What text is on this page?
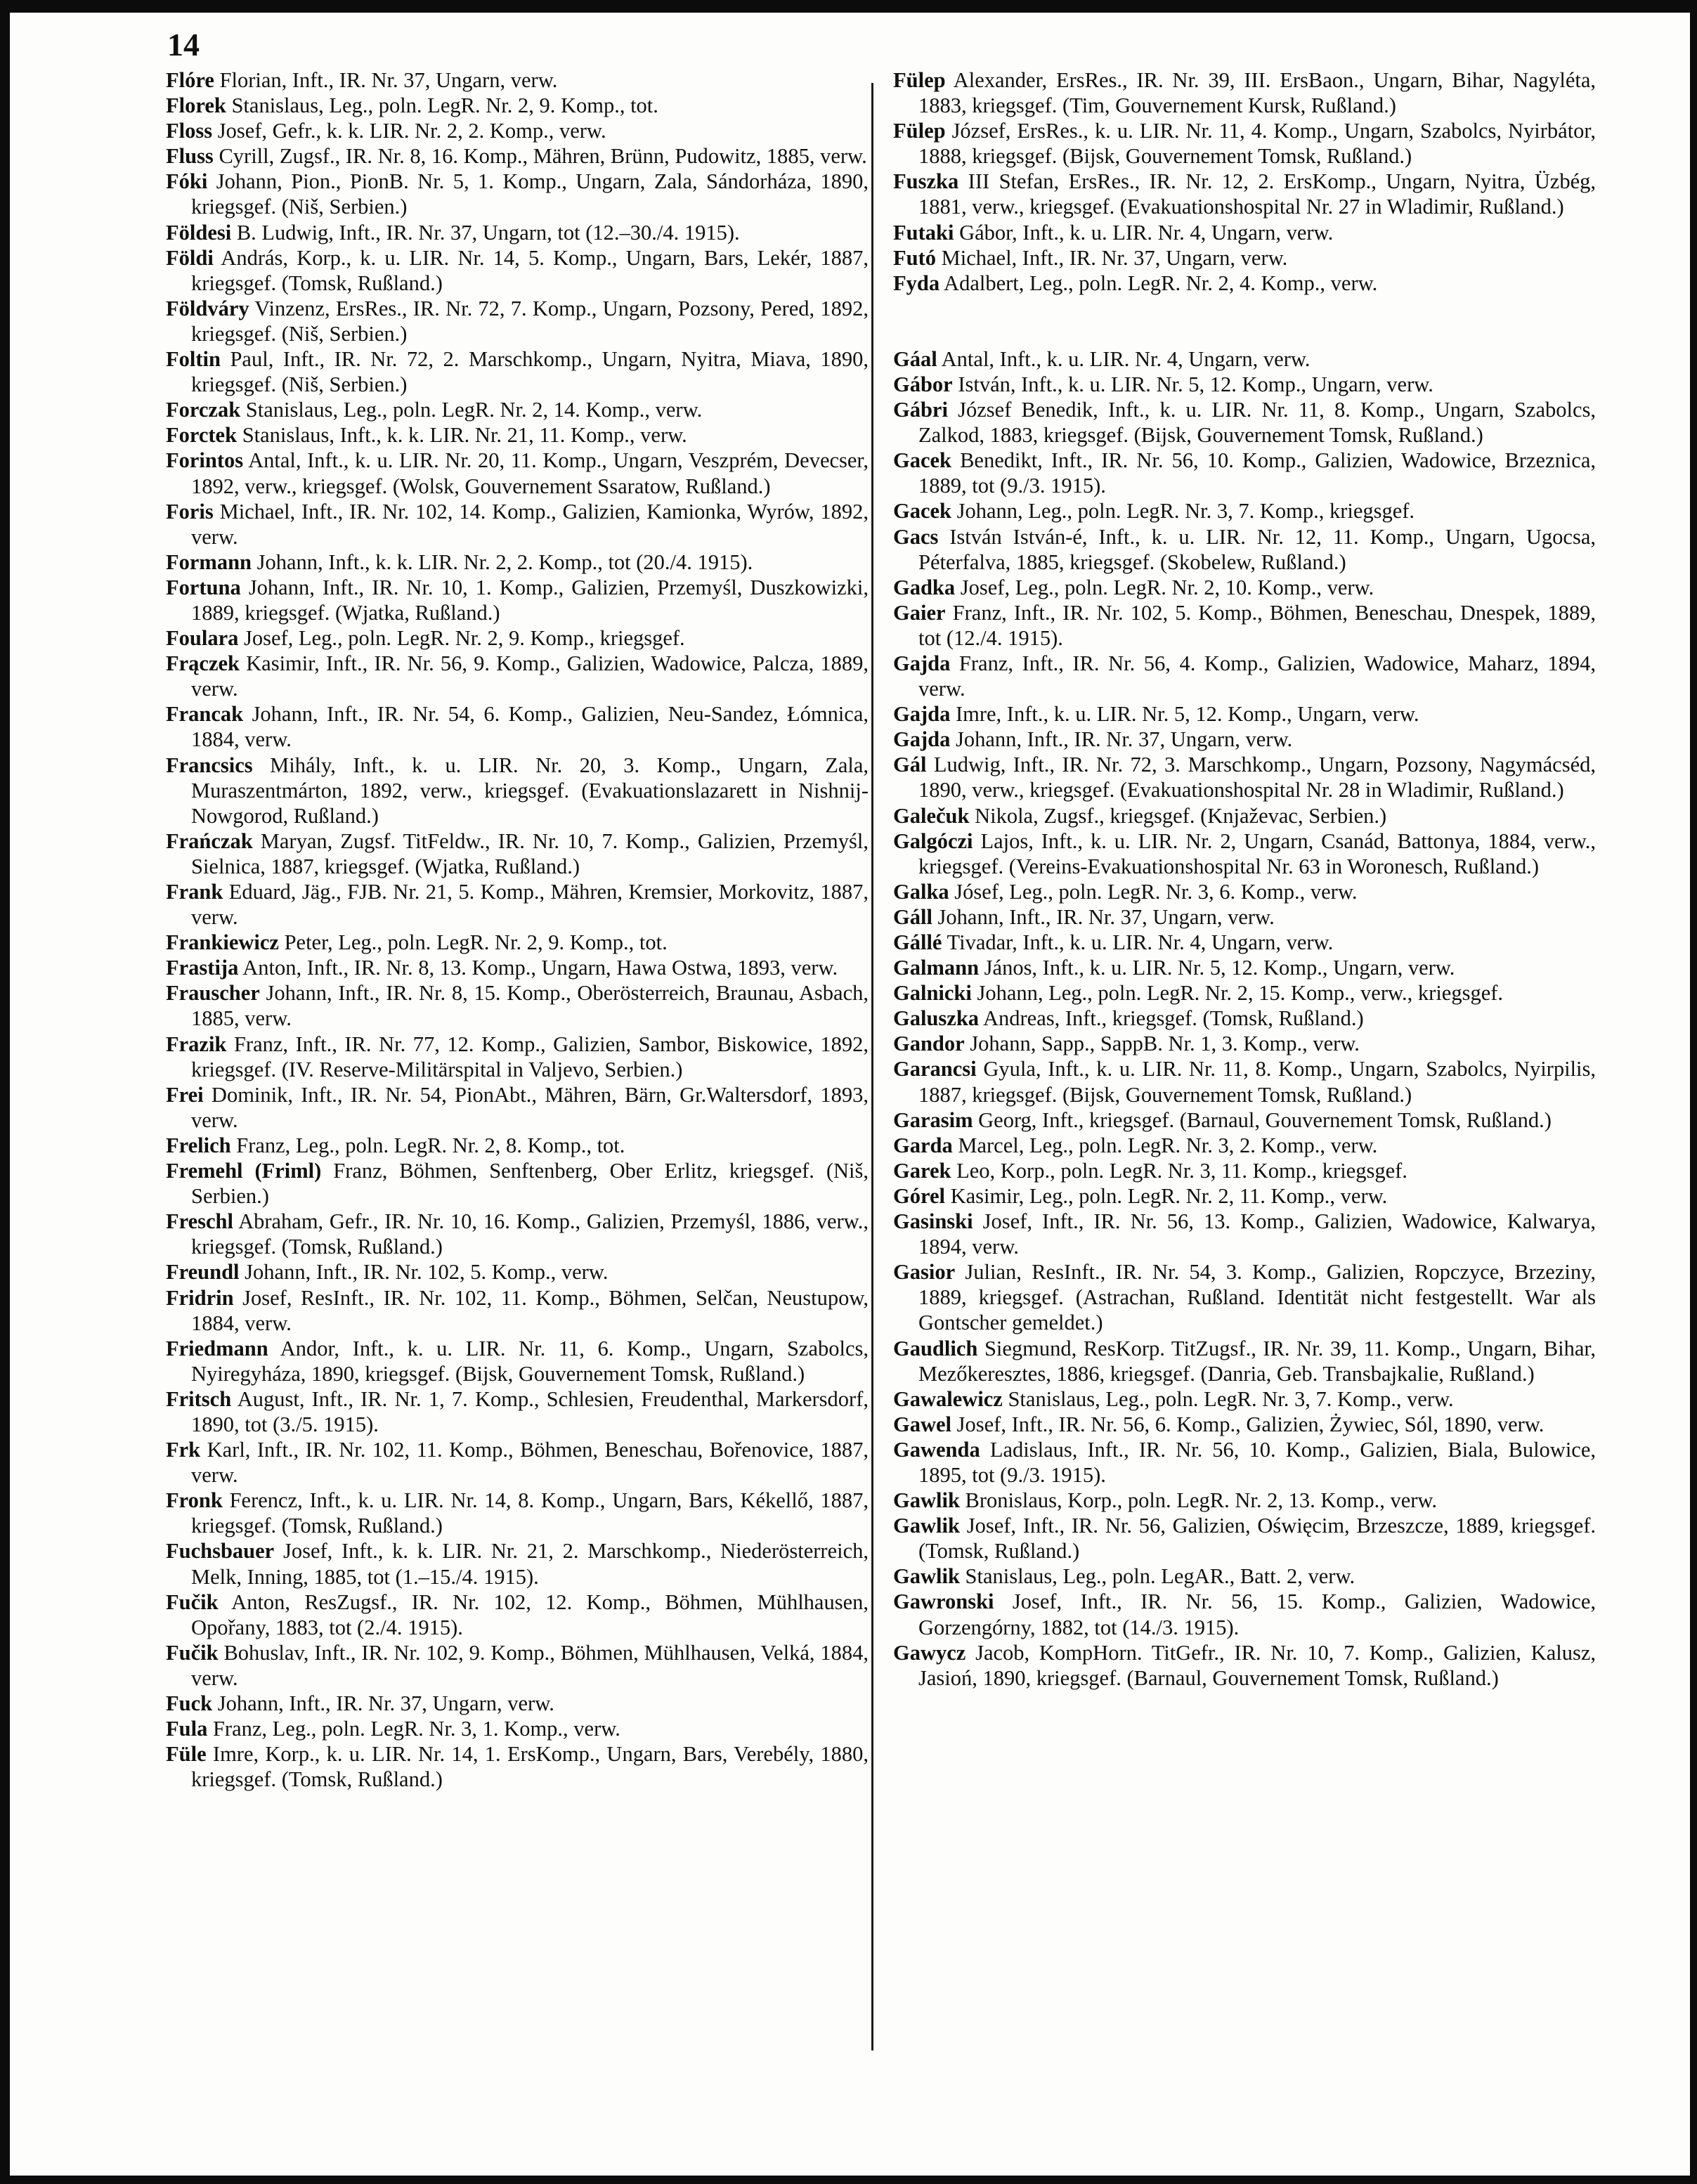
14

Flóre Florian, Inft., IR. Nr. 37, Ungarn, verw.

Florek Stanislaus, Leg., poln. LegR. Nr. 2, 9. Komp., tot.

Floss Josef, Gefr., k. k. LIR. Nr. 2, 2. Komp., verw.

Fluss Cyrill, Zugsf., IR. Nr. 8, 16. Komp., Mähren, Brünn, Pudowitz, 1885, verw.

Fóki Johann, Pion., PionB. Nr. 5, 1. Komp., Ungarn, Zala, Sándorháza, 1890, kriegsgef. (Niš, Serbien.)

Földesi B. Ludwig, Inft., IR. Nr. 37, Ungarn, tot (12.–30./4. 1915).

Földi András, Korp., k. u. LIR. Nr. 14, 5. Komp., Ungarn, Bars, Lekér, 1887, kriegsgef. (Tomsk, Rußland.)

Földváry Vinzenz, ErsRes., IR. Nr. 72, 7. Komp., Ungarn, Pozsony, Pered, 1892, kriegsgef. (Niš, Serbien.)

Foltin Paul, Inft., IR. Nr. 72, 2. Marschkomp., Ungarn, Nyitra, Miava, 1890, kriegsgef. (Niš, Serbien.)

Forczak Stanislaus, Leg., poln. LegR. Nr. 2, 14. Komp., verw.

Forctek Stanislaus, Inft., k. k. LIR. Nr. 21, 11. Komp., verw.

Forintos Antal, Inft., k. u. LIR. Nr. 20, 11. Komp., Ungarn, Veszprém, Devecser, 1892, verw., kriegsgef. (Wolsk, Gouvernement Ssaratow, Rußland.)

Foris Michael, Inft., IR. Nr. 102, 14. Komp., Galizien, Kamionka, Wyrów, 1892, verw.

Formann Johann, Inft., k. k. LIR. Nr. 2, 2. Komp., tot (20./4. 1915).

Fortuna Johann, Inft., IR. Nr. 10, 1. Komp., Galizien, Przemyśl, Duszkowizki, 1889, kriegsgef. (Wjatka, Rußland.)

Foulara Josef, Leg., poln. LegR. Nr. 2, 9. Komp., kriegsgef.

Frączek Kasimir, Inft., IR. Nr. 56, 9. Komp., Galizien, Wadowice, Palcza, 1889, verw.

Francak Johann, Inft., IR. Nr. 54, 6. Komp., Galizien, Neu-Sandez, Łómnica, 1884, verw.

Francsics Mihály, Inft., k. u. LIR. Nr. 20, 3. Komp., Ungarn, Zala, Muraszentmárton, 1892, verw., kriegsgef. (Evakuationslazarett in Nishnij-Nowgorod, Rußland.)

Frańczak Maryan, Zugsf. TitFeldw., IR. Nr. 10, 7. Komp., Galizien, Przemyśl, Sielnica, 1887, kriegsgef. (Wjatka, Rußland.)

Frank Eduard, Jäg., FJB. Nr. 21, 5. Komp., Mähren, Kremsier, Morkovitz, 1887, verw.

Frankiewicz Peter, Leg., poln. LegR. Nr. 2, 9. Komp., tot.

Frastija Anton, Inft., IR. Nr. 8, 13. Komp., Ungarn, Hawa Ostwa, 1893, verw.

Frauscher Johann, Inft., IR. Nr. 8, 15. Komp., Oberösterreich, Braunau, Asbach, 1885, verw.

Frazik Franz, Inft., IR. Nr. 77, 12. Komp., Galizien, Sambor, Biskowice, 1892, kriegsgef. (IV. Reserve-Militärspital in Valjevo, Serbien.)

Frei Dominik, Inft., IR. Nr. 54, PionAbt., Mähren, Bärn, Gr.Waltersdorf, 1893, verw.

Frelich Franz, Leg., poln. LegR. Nr. 2, 8. Komp., tot.

Fremehl (Friml) Franz, Böhmen, Senftenberg, Ober Erlitz, kriegsgef. (Niš, Serbien.)

Freschl Abraham, Gefr., IR. Nr. 10, 16. Komp., Galizien, Przemyśl, 1886, verw., kriegsgef. (Tomsk, Rußland.)

Freundl Johann, Inft., IR. Nr. 102, 5. Komp., verw.

Fridrin Josef, ResInft., IR. Nr. 102, 11. Komp., Böhmen, Selčan, Neustupow, 1884, verw.

Friedmann Andor, Inft., k. u. LIR. Nr. 11, 6. Komp., Ungarn, Szabolcs, Nyiregyháza, 1890, kriegsgef. (Bijsk, Gouvernement Tomsk, Rußland.)

Fritsch August, Inft., IR. Nr. 1, 7. Komp., Schlesien, Freudenthal, Markersdorf, 1890, tot (3./5. 1915).

Frk Karl, Inft., IR. Nr. 102, 11. Komp., Böhmen, Beneschau, Bořenovice, 1887, verw.

Fronk Ferencz, Inft., k. u. LIR. Nr. 14, 8. Komp., Ungarn, Bars, Kékellő, 1887, kriegsgef. (Tomsk, Rußland.)

Fuchsbauer Josef, Inft., k. k. LIR. Nr. 21, 2. Marschkomp., Niederösterreich, Melk, Inning, 1885, tot (1.–15./4. 1915).

Fučik Anton, ResZugsf., IR. Nr. 102, 12. Komp., Böhmen, Mühlhausen, Opořany, 1883, tot (2./4. 1915).

Fučik Bohuslav, Inft., IR. Nr. 102, 9. Komp., Böhmen, Mühlhausen, Velká, 1884, verw.

Fuck Johann, Inft., IR. Nr. 37, Ungarn, verw.

Fula Franz, Leg., poln. LegR. Nr. 3, 1. Komp., verw.

Füle Imre, Korp., k. u. LIR. Nr. 14, 1. ErsKomp., Ungarn, Bars, Verebély, 1880, kriegsgef. (Tomsk, Rußland.)

Fülep Alexander, ErsRes., IR. Nr. 39, III. ErsBaon., Ungarn, Bihar, Nagyléta, 1883, kriegsgef. (Tim, Gouvernement Kursk, Rußland.)

Fülep József, ErsRes., k. u. LIR. Nr. 11, 4. Komp., Ungarn, Szabolcs, Nyirbátor, 1888, kriegsgef. (Bijsk, Gouvernement Tomsk, Rußland.)

Fuszka III Stefan, ErsRes., IR. Nr. 12, 2. ErsKomp., Ungarn, Nyitra, Üzbég, 1881, verw., kriegsgef. (Evakuationshospital Nr. 27 in Wladimir, Rußland.)

Futaki Gábor, Inft., k. u. LIR. Nr. 4, Ungarn, verw.

Futó Michael, Inft., IR. Nr. 37, Ungarn, verw.

Fyda Adalbert, Leg., poln. LegR. Nr. 2, 4. Komp., verw.

Gáal Antal, Inft., k. u. LIR. Nr. 4, Ungarn, verw.

Gábor István, Inft., k. u. LIR. Nr. 5, 12. Komp., Ungarn, verw.

Gábri József Benedik, Inft., k. u. LIR. Nr. 11, 8. Komp., Ungarn, Szabolcs, Zalkod, 1883, kriegsgef. (Bijsk, Gouvernement Tomsk, Rußland.)

Gacek Benedikt, Inft., IR. Nr. 56, 10. Komp., Galizien, Wadowice, Brzeznica, 1889, tot (9./3. 1915).

Gacek Johann, Leg., poln. LegR. Nr. 3, 7. Komp., kriegsgef.

Gacs István István-é, Inft., k. u. LIR. Nr. 12, 11. Komp., Ungarn, Ugocsa, Péterfalva, 1885, kriegsgef. (Skobelew, Rußland.)

Gadka Josef, Leg., poln. LegR. Nr. 2, 10. Komp., verw.

Gaier Franz, Inft., IR. Nr. 102, 5. Komp., Böhmen, Beneschau, Dnespek, 1889, tot (12./4. 1915).

Gajda Franz, Inft., IR. Nr. 56, 4. Komp., Galizien, Wadowice, Maharz, 1894, verw.

Gajda Imre, Inft., k. u. LIR. Nr. 5, 12. Komp., Ungarn, verw.

Gajda Johann, Inft., IR. Nr. 37, Ungarn, verw.

Gál Ludwig, Inft., IR. Nr. 72, 3. Marschkomp., Ungarn, Pozsony, Nagymácséd, 1890, verw., kriegsgef. (Evakuationshospital Nr. 28 in Wladimir, Rußland.)

Galečuk Nikola, Zugsf., kriegsgef. (Knjaževac, Serbien.)

Galgóczi Lajos, Inft., k. u. LIR. Nr. 2, Ungarn, Csanád, Battonya, 1884, verw., kriegsgef. (Vereins-Evakuationshospital Nr. 63 in Woronesch, Rußland.)

Galka Jósef, Leg., poln. LegR. Nr. 3, 6. Komp., verw.

Gáll Johann, Inft., IR. Nr. 37, Ungarn, verw.

Gállé Tivadar, Inft., k. u. LIR. Nr. 4, Ungarn, verw.

Galmann János, Inft., k. u. LIR. Nr. 5, 12. Komp., Ungarn, verw.

Galnicki Johann, Leg., poln. LegR. Nr. 2, 15. Komp., verw., kriegsgef.

Galuszka Andreas, Inft., kriegsgef. (Tomsk, Rußland.)

Gandor Johann, Sapp., SappB. Nr. 1, 3. Komp., verw.

Garancsi Gyula, Inft., k. u. LIR. Nr. 11, 8. Komp., Ungarn, Szabolcs, Nyirpilis, 1887, kriegsgef. (Bijsk, Gouvernement Tomsk, Rußland.)

Garasim Georg, Inft., kriegsgef. (Barnaul, Gouvernement Tomsk, Rußland.)

Garda Marcel, Leg., poln. LegR. Nr. 3, 2. Komp., verw.

Garek Leo, Korp., poln. LegR. Nr. 3, 11. Komp., kriegsgef.

Górel Kasimir, Leg., poln. LegR. Nr. 2, 11. Komp., verw.

Gasinski Josef, Inft., IR. Nr. 56, 13. Komp., Galizien, Wadowice, Kalwarya, 1894, verw.

Gasior Julian, ResInft., IR. Nr. 54, 3. Komp., Galizien, Ropczyce, Brzeziny, 1889, kriegsgef. (Astrachan, Rußland. Identität nicht festgestellt. War als Gontscher gemeldet.)

Gaudlich Siegmund, ResKorp. TitZugsf., IR. Nr. 39, 11. Komp., Ungarn, Bihar, Mezőkeresztes, 1886, kriegsgef. (Danria, Geb. Transbajkalie, Rußland.)

Gawalewicz Stanislaus, Leg., poln. LegR. Nr. 3, 7. Komp., verw.

Gawel Josef, Inft., IR. Nr. 56, 6. Komp., Galizien, Żywiec, Sól, 1890, verw.

Gawenda Ladislaus, Inft., IR. Nr. 56, 10. Komp., Galizien, Biala, Bulowice, 1895, tot (9./3. 1915).

Gawlik Bronislaus, Korp., poln. LegR. Nr. 2, 13. Komp., verw.

Gawlik Josef, Inft., IR. Nr. 56, Galizien, Oświęcim, Brzeszcze, 1889, kriegsgef. (Tomsk, Rußland.)

Gawlik Stanislaus, Leg., poln. LegAR., Batt. 2, verw.

Gawronski Josef, Inft., IR. Nr. 56, 15. Komp., Galizien, Wadowice, Gorzengórny, 1882, tot (14./3. 1915).

Gawycz Jacob, KompHorn. TitGefr., IR. Nr. 10, 7. Komp., Galizien, Kalusz, Jasioń, 1890, kriegsgef. (Barnaul, Gouvernement Tomsk, Rußland.)
